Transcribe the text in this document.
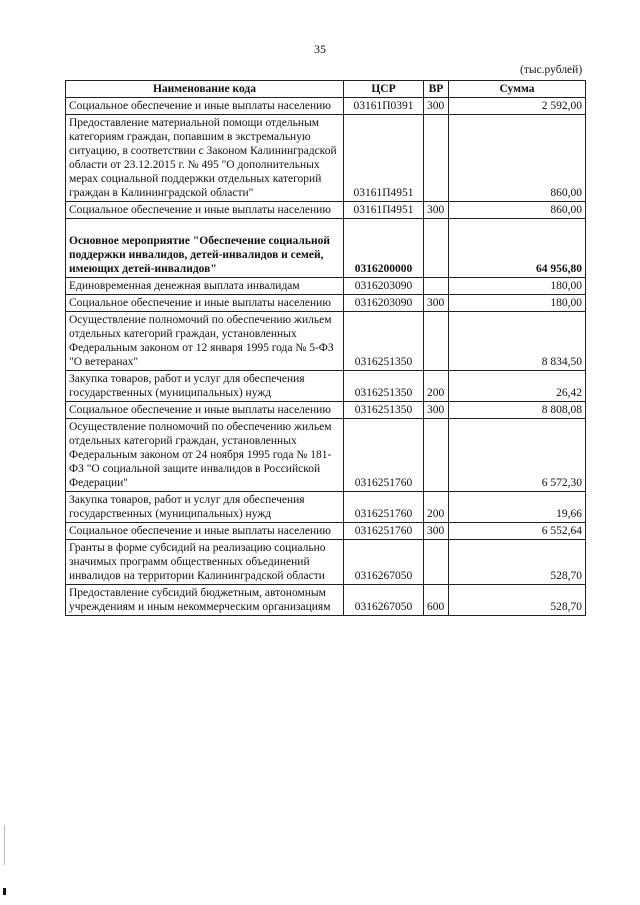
35
(тыс.рублей)
Наименование кода	ЦСР	ВР	Сумма
Социальное обеспечение и иные выплаты населению	03161П0391	300	2 592,00
Предоставление материальной помощи отдельным категориям граждан, попавшим в экстремальную ситуацию, в соответствии с Законом Калининградской области от 23.12.2015 г. № 495 "О дополнительных мерах социальной поддержки отдельных категорий граждан в Калининградской области"	03161П4951		860,00
Социальное обеспечение и иные выплаты населению	03161П4951	300	860,00
Основное мероприятие "Обеспечение социальной поддержки инвалидов, детей-инвалидов и семей, имеющих детей-инвалидов"	0316200000		64 956,80
Единовременная денежная выплата инвалидам	0316203090		180,00
Социальное обеспечение и иные выплаты населению	0316203090	300	180,00
Осуществление полномочий по обеспечению жильем отдельных категорий граждан, установленных Федеральным законом от 12 января 1995 года № 5-ФЗ "О ветеранах"	0316251350		8 834,50
Закупка товаров, работ и услуг для обеспечения государственных (муниципальных) нужд	0316251350	200	26,42
Социальное обеспечение и иные выплаты населению	0316251350	300	8 808,08
Осуществление полномочий по обеспечению жильем отдельных категорий граждан, установленных Федеральным законом от 24 ноября 1995 года № 181-ФЗ "О социальной защите инвалидов в Российской Федерации"	0316251760		6 572,30
Закупка товаров, работ и услуг для обеспечения государственных (муниципальных) нужд	0316251760	200	19,66
Социальное обеспечение и иные выплаты населению	0316251760	300	6 552,64
Гранты в форме субсидий на реализацию социально значимых программ общественных объединений инвалидов на территории Калининградской области	0316267050		528,70
Предоставление субсидий бюджетным, автономным учреждениям и иным некоммерческим организациям	0316267050	600	528,70
